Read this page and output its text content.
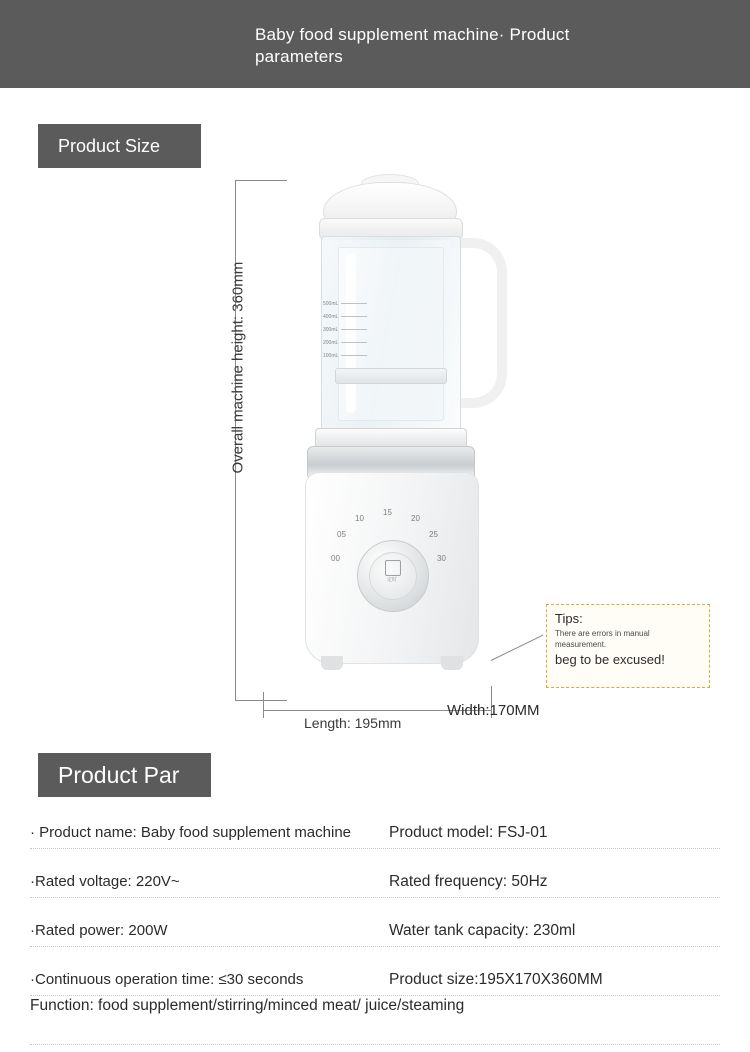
Baby food supplement machine· Product parameters
Product Size
Overall machine height: 360mm
Length: 195mm
Width:170MM
500mL
400mL
300mL
200mL
100mL
00
05
10
15
20
25
30
定时
Tips:
There are errors in manual measurement.
beg to be excused!
Product Par
· Product name: Baby food supplement machine	Product model: FSJ-01
·Rated voltage: 220V~	Rated frequency: 50Hz
·Rated power: 200W	Water tank capacity: 230ml
·Continuous operation time: ≤30 seconds	Product size:195X170X360MM
Function: food supplement/stirring/minced meat/ juice/steaming
